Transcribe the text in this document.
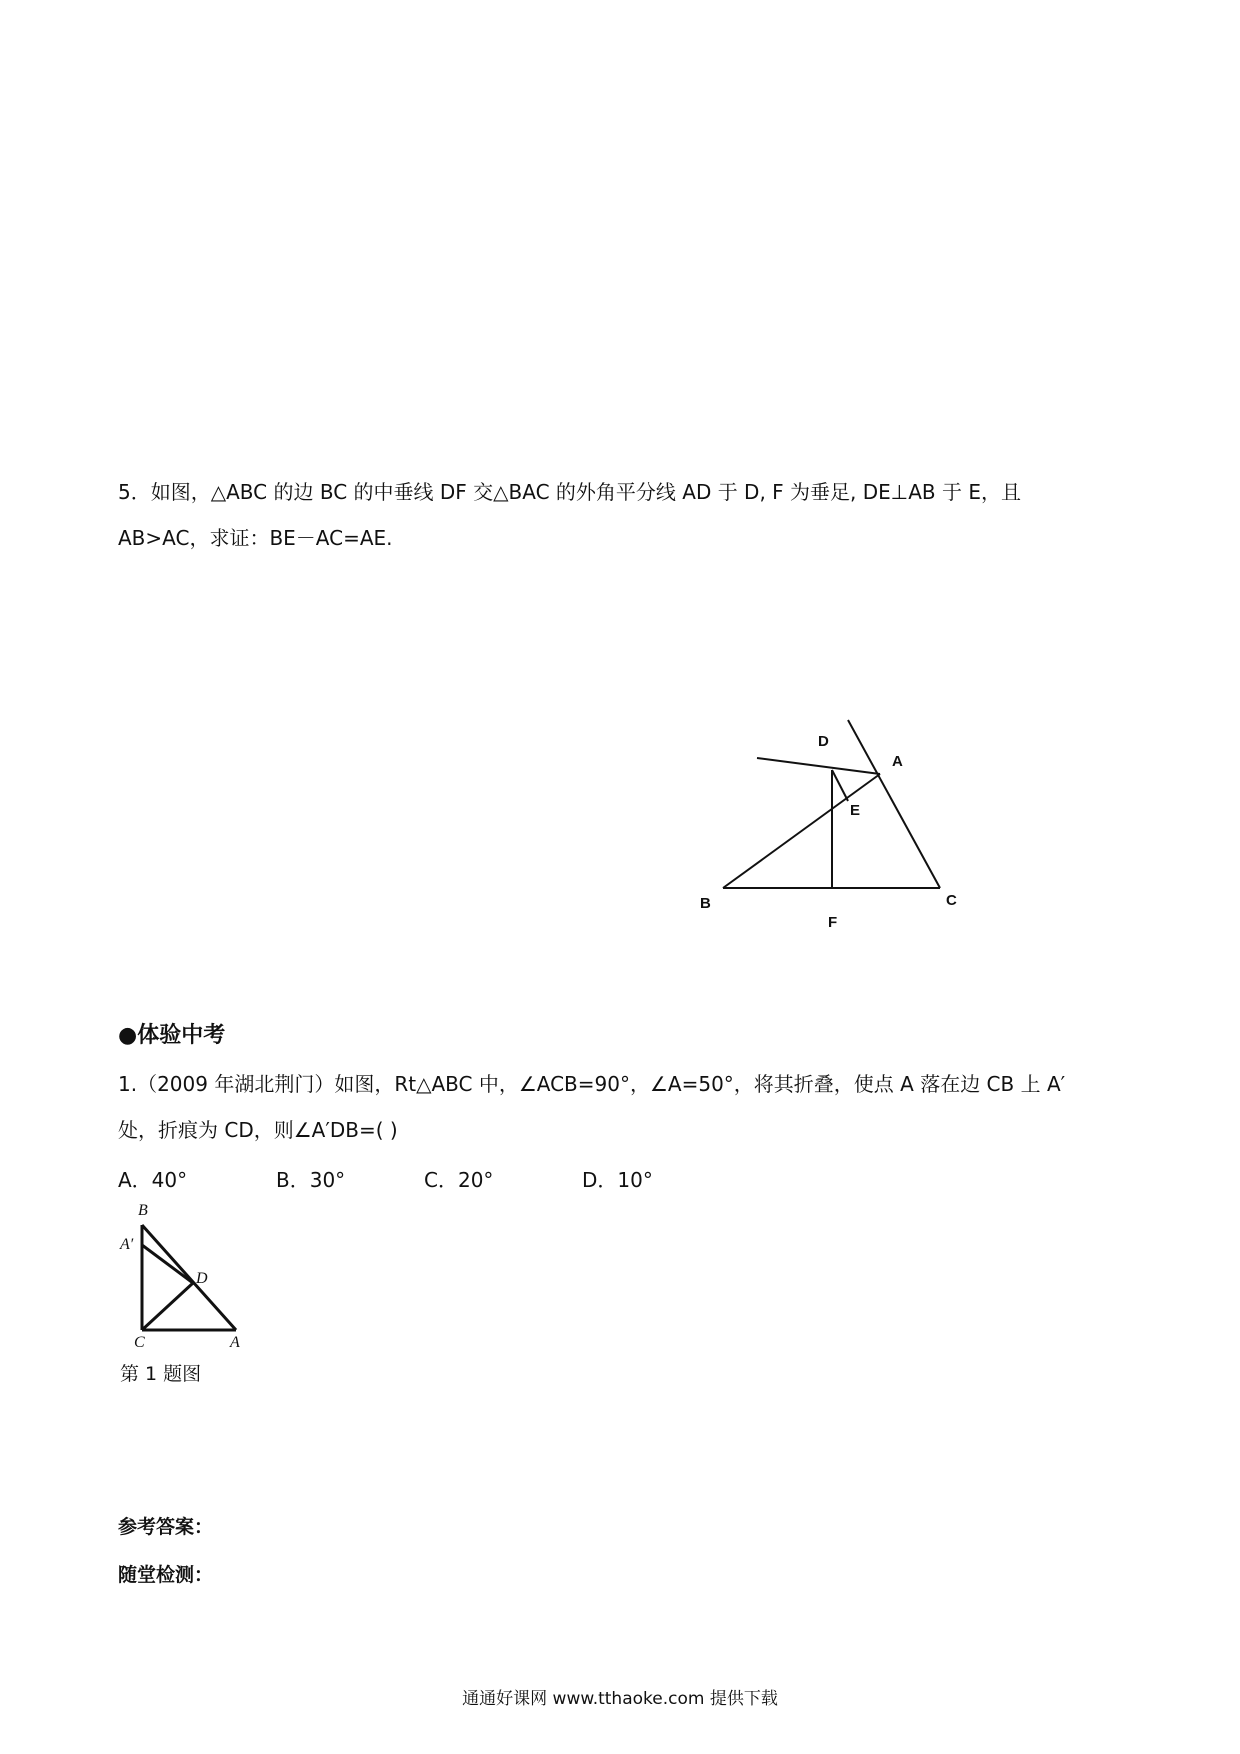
5．如图，△ABC 的边 BC 的中垂线 DF 交△BAC 的外角平分线 AD 于 D, F 为垂足, DE⊥AB 于 E，且
AB>AC，求证：BE－AC=AE.
D
A
E
B
F
C
●体验中考
1.（2009 年湖北荆门）如图，Rt△ABC 中，∠ACB=90°，∠A=50°，将其折叠，使点 A 落在边 CB 上 A′
处，折痕为 CD，则∠A′DB=( )
A．40°	B．30°	C．20°	D．10°
B
A′
D
C	A
第 1 题图
参考答案：
随堂检测：
通通好课网 www.tthaoke.com 提供下载
